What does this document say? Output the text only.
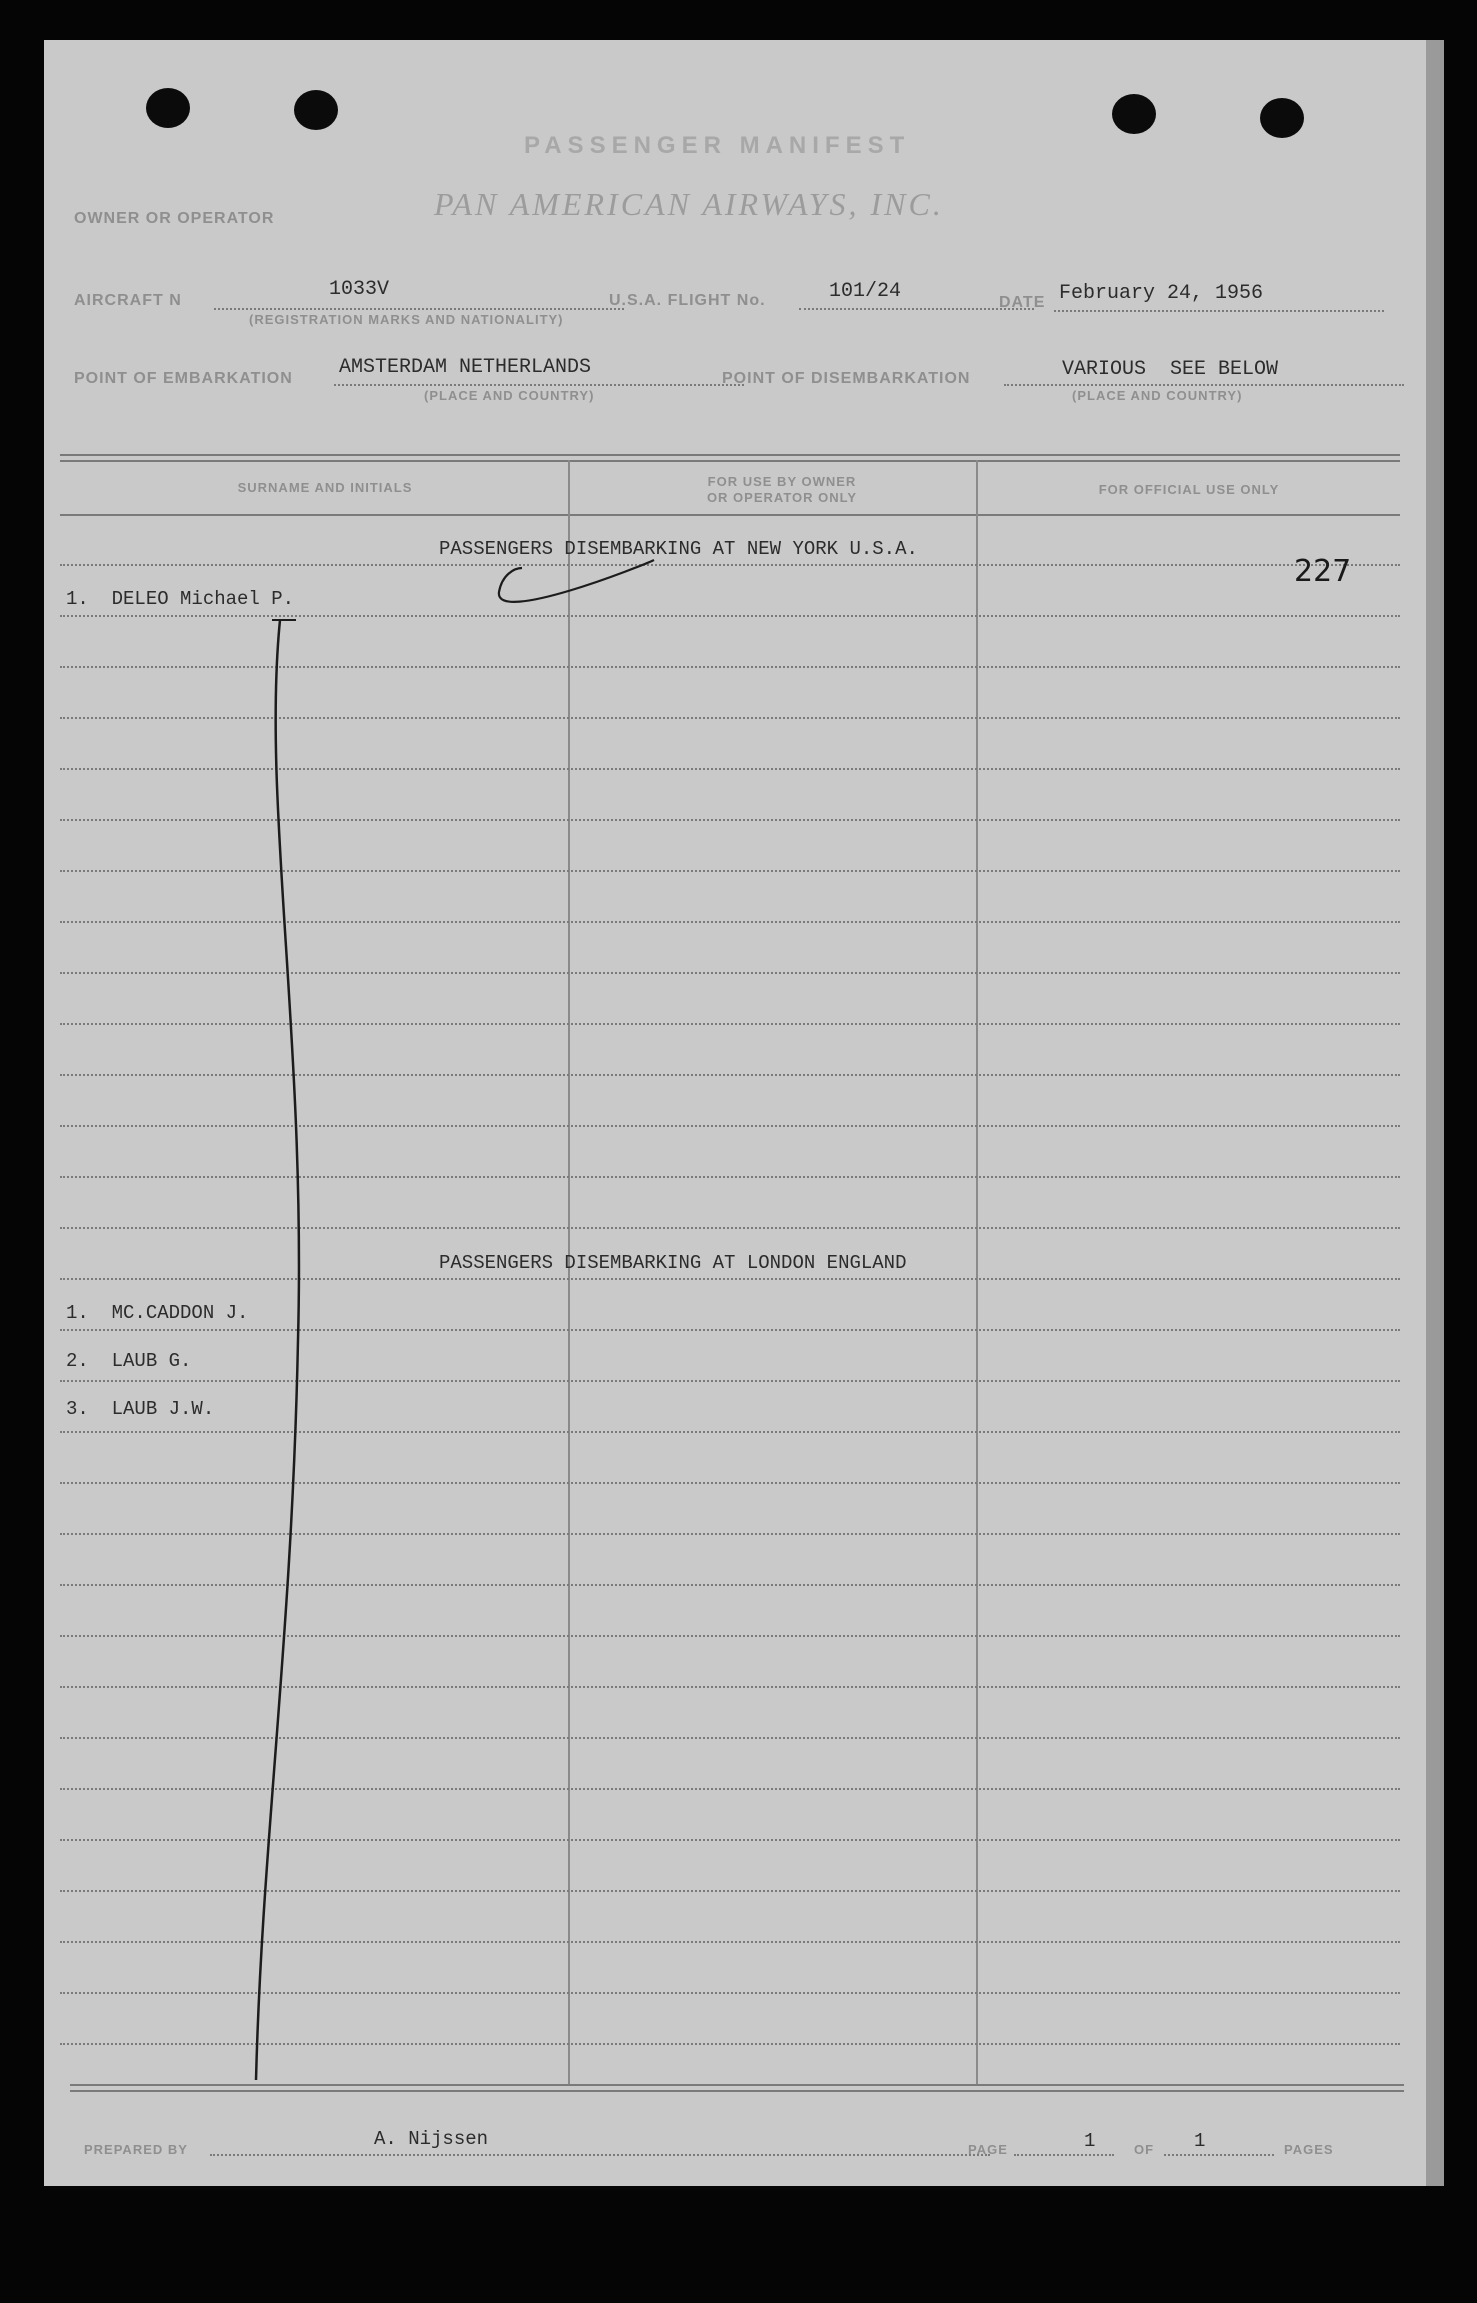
PASSENGER MANIFEST
PAN AMERICAN AIRWAYS, INC.
OWNER OR OPERATOR
AIRCRAFT N	1033V
(REGISTRATION MARKS AND NATIONALITY)
U.S.A. FLIGHT No.	101/24	DATE February 24, 1956
POINT OF EMBARKATION AMSTERDAM NETHERLANDS
(PLACE AND COUNTRY)
POINT OF DISEMBARKATION	VARIOUS  SEE BELOW
(PLACE AND COUNTRY)
SURNAME AND INITIALS	FOR USE BY OWNER
OR OPERATOR ONLY
FOR OFFICIAL USE ONLY
PASSENGERS DISEMBARKING AT NEW YORK U.S.A.
1.  DELEO Michael P.
227
PASSENGERS DISEMBARKING AT LONDON ENGLAND
1.  MC.CADDON J.
2.  LAUB G.
3.  LAUB J.W.
PREPARED BY	A. Nijssen	PAGE	1	OF 1	PAGES
